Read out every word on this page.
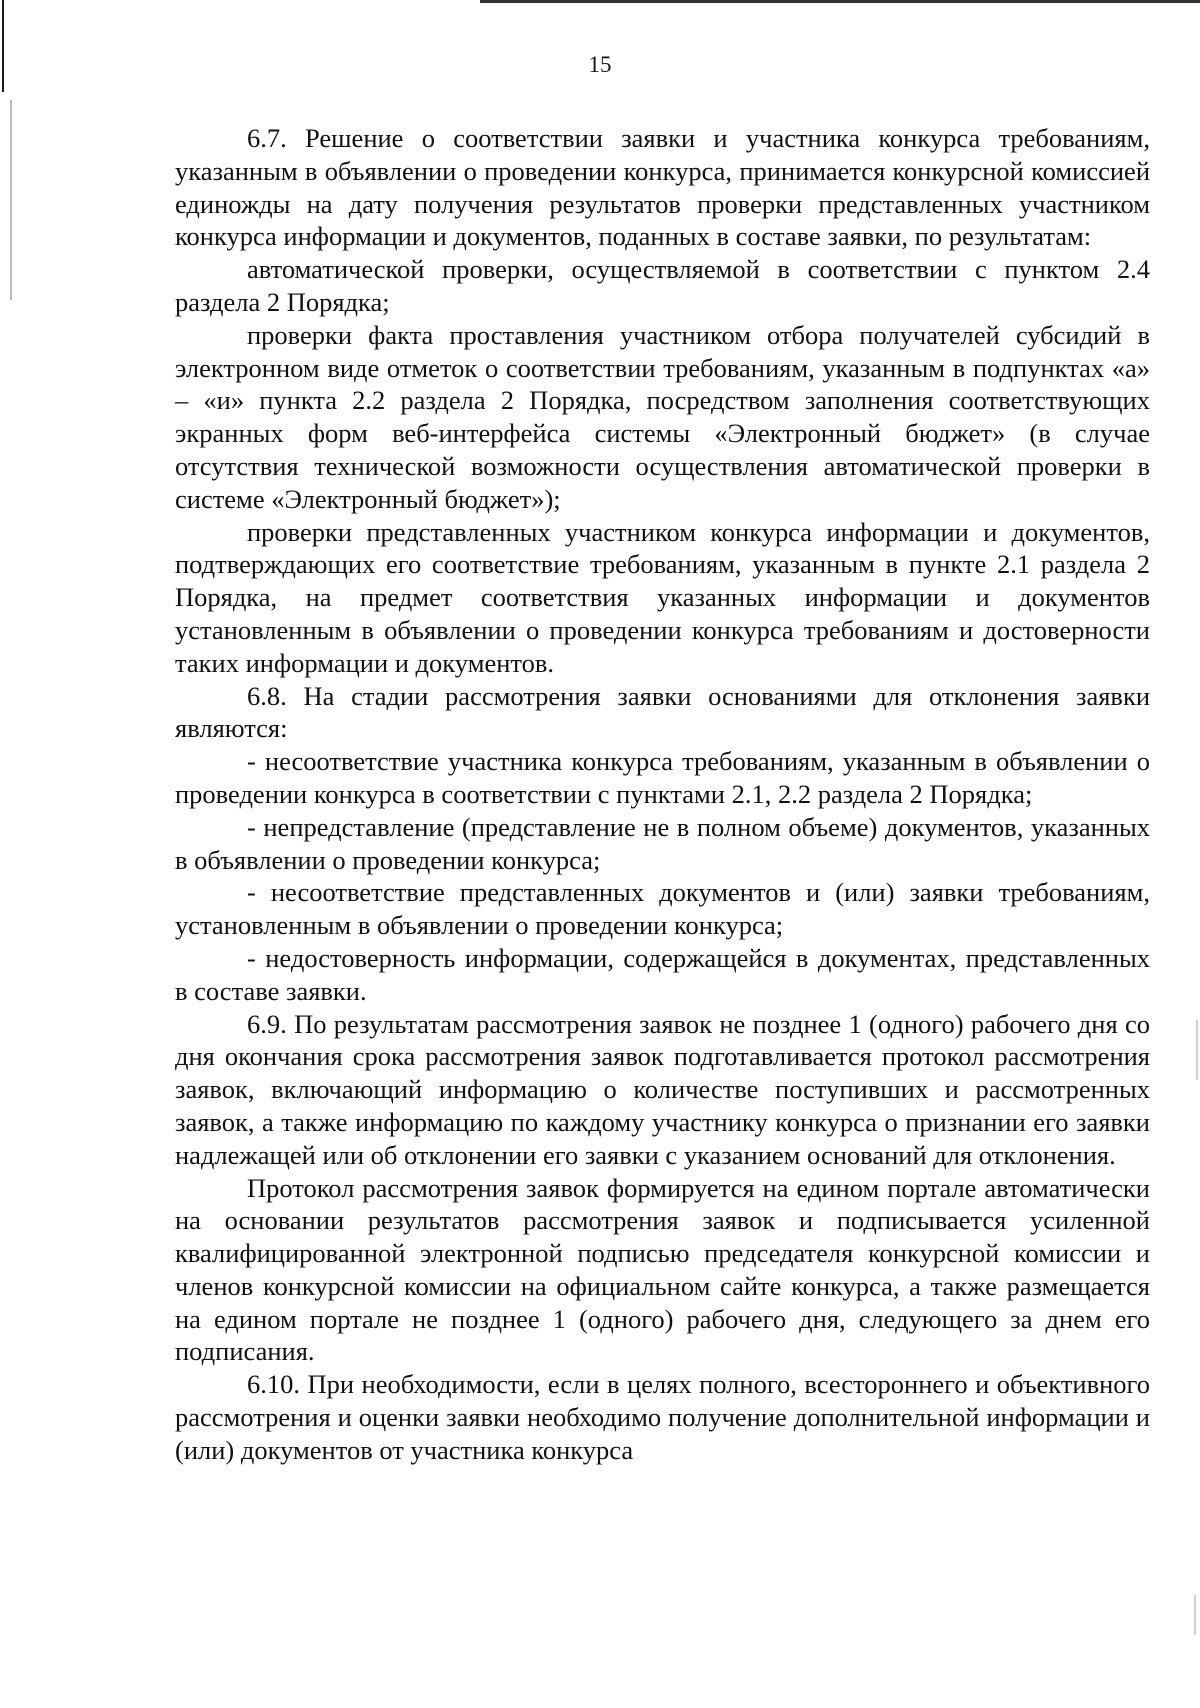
15

6.7. Решение о соответствии заявки и участника конкурса требованиям, указанным в объявлении о проведении конкурса, принимается конкурсной комиссией единожды на дату получения результатов проверки представленных участником конкурса информации и документов, поданных в составе заявки, по результатам:

автоматической проверки, осуществляемой в соответствии с пунктом 2.4 раздела 2 Порядка;

проверки факта проставления участником отбора получателей субсидий в электронном виде отметок о соответствии требованиям, указанным в подпунктах «а» – «и» пункта 2.2 раздела 2 Порядка, посредством заполнения соответствующих экранных форм веб-интерфейса системы «Электронный бюджет» (в случае отсутствия технической возможности осуществления автоматической проверки в системе «Электронный бюджет»);

проверки представленных участником конкурса информации и документов, подтверждающих его соответствие требованиям, указанным в пункте 2.1 раздела 2 Порядка, на предмет соответствия указанных информации и документов установленным в объявлении о проведении конкурса требованиям и достоверности таких информации и документов.

6.8. На стадии рассмотрения заявки основаниями для отклонения заявки являются:

- несоответствие участника конкурса требованиям, указанным в объявлении о проведении конкурса в соответствии с пунктами 2.1, 2.2 раздела 2 Порядка;

- непредставление (представление не в полном объеме) документов, указанных в объявлении о проведении конкурса;

- несоответствие представленных документов и (или) заявки требованиям, установленным в объявлении о проведении конкурса;

- недостоверность информации, содержащейся в документах, представленных в составе заявки.

6.9. По результатам рассмотрения заявок не позднее 1 (одного) рабочего дня со дня окончания срока рассмотрения заявок подготавливается протокол рассмотрения заявок, включающий информацию о количестве поступивших и рассмотренных заявок, а также информацию по каждому участнику конкурса о признании его заявки надлежащей или об отклонении его заявки с указанием оснований для отклонения.

Протокол рассмотрения заявок формируется на едином портале автоматически на основании результатов рассмотрения заявок и подписывается усиленной квалифицированной электронной подписью председателя конкурсной комиссии и членов конкурсной комиссии на официальном сайте конкурса, а также размещается на едином портале не позднее 1 (одного) рабочего дня, следующего за днем его подписания.

6.10. При необходимости, если в целях полного, всестороннего и объективного рассмотрения и оценки заявки необходимо получение дополнительной информации и (или) документов от участника конкурса
